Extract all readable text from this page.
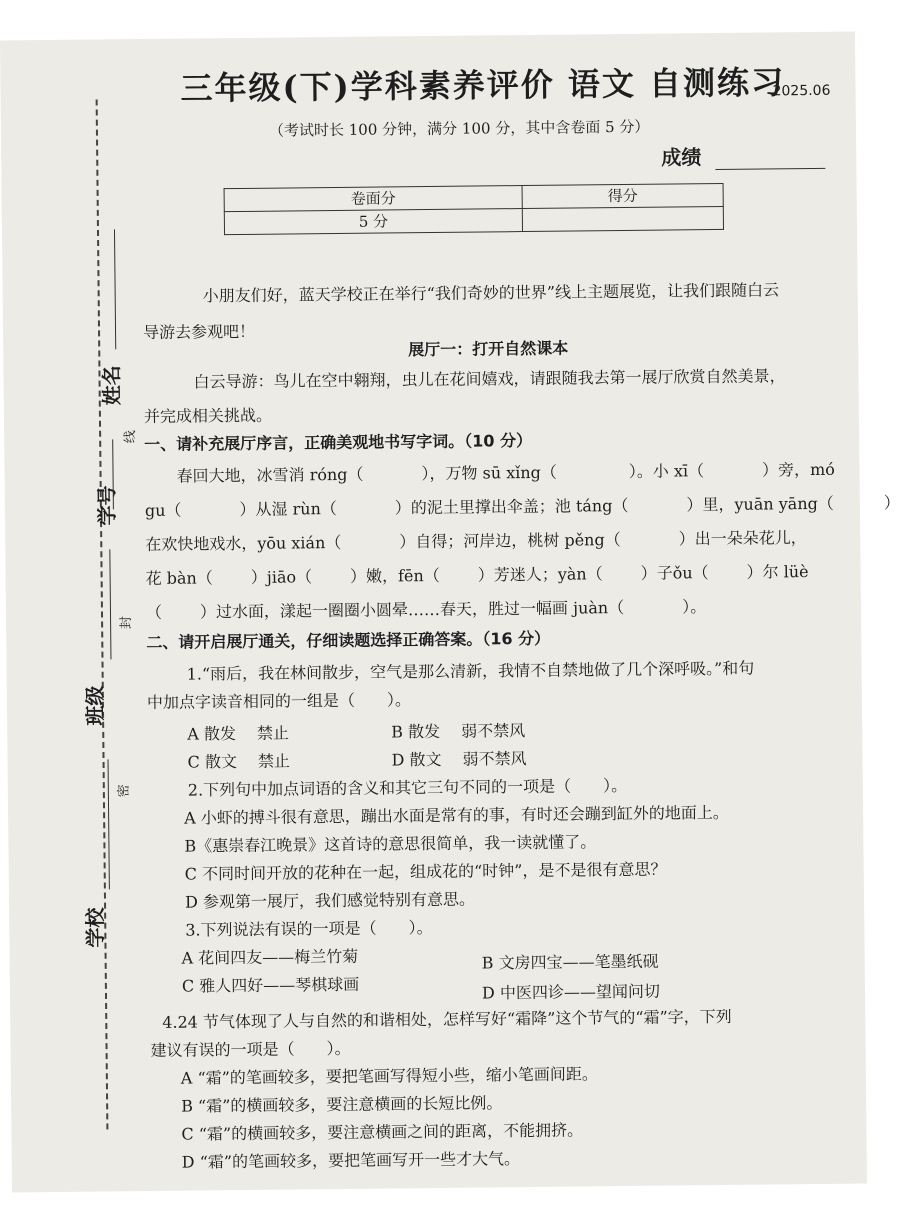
姓名
线
学号
封
班级
密
学校
三年级(下)学科素养评价 语文 自测练习
2025.06
（考试时长 100 分钟，满分 100 分，其中含卷面 5 分）
成绩
卷面分	得分
5 分	
小朋友们好，蓝天学校正在举行“我们奇妙的世界”线上主题展览，让我们跟随白云
导游去参观吧！
展厅一：打开自然课本
白云导游：鸟儿在空中翱翔，虫儿在花间嬉戏，请跟随我去第一展厅欣赏自然美景，
并完成相关挑战。
一、请补充展厅序言，正确美观地书写字词。（10 分）
春回大地，冰雪消 róng（	），万物 sū xǐng（	）。小 xī（	）旁，mó
gu（	）从湿 rùn（	）的泥土里撑出伞盖；池 táng（	）里，yuān yāng（	）
在欢快地戏水，yōu xián（	）自得；河岸边，桃树 pěng（	）出一朵朵花儿，
花 bàn（ ）jiāo（ ）嫩，fēn（ ）芳迷人；yàn（ ）子ǒu（ ）尔 lüè
（ ）过水面，漾起一圈圈小圆晕……春天，胜过一幅画 juàn（	）。
二、请开启展厅通关，仔细读题选择正确答案。（16 分）
1.“雨后，我在林间散步，空气是那么清新，我情不自禁地做了几个深呼吸。”和句
中加点字读音相同的一组是（　　）。
A 散发　 禁止	B 散发　 弱不禁风
C 散文　 禁止	D 散文　 弱不禁风
2.下列句中加点词语的含义和其它三句不同的一项是（　　）。
A 小虾的搏斗很有意思，蹦出水面是常有的事，有时还会蹦到缸外的地面上。
B《惠崇春江晚景》这首诗的意思很简单，我一读就懂了。
C 不同时间开放的花种在一起，组成花的“时钟”，是不是很有意思？
D 参观第一展厅，我们感觉特别有意思。
3.下列说法有误的一项是（　　）。
A 花间四友——梅兰竹菊	B 文房四宝——笔墨纸砚
C 雅人四好——琴棋球画	D 中医四诊——望闻问切
4.24 节气体现了人与自然的和谐相处，怎样写好“霜降”这个节气的“霜”字，下列
建议有误的一项是（　　）。
A “霜”的笔画较多，要把笔画写得短小些，缩小笔画间距。
B “霜”的横画较多，要注意横画的长短比例。
C “霜”的横画较多，要注意横画之间的距离，不能拥挤。
D “霜”的笔画较多，要把笔画写开一些才大气。
